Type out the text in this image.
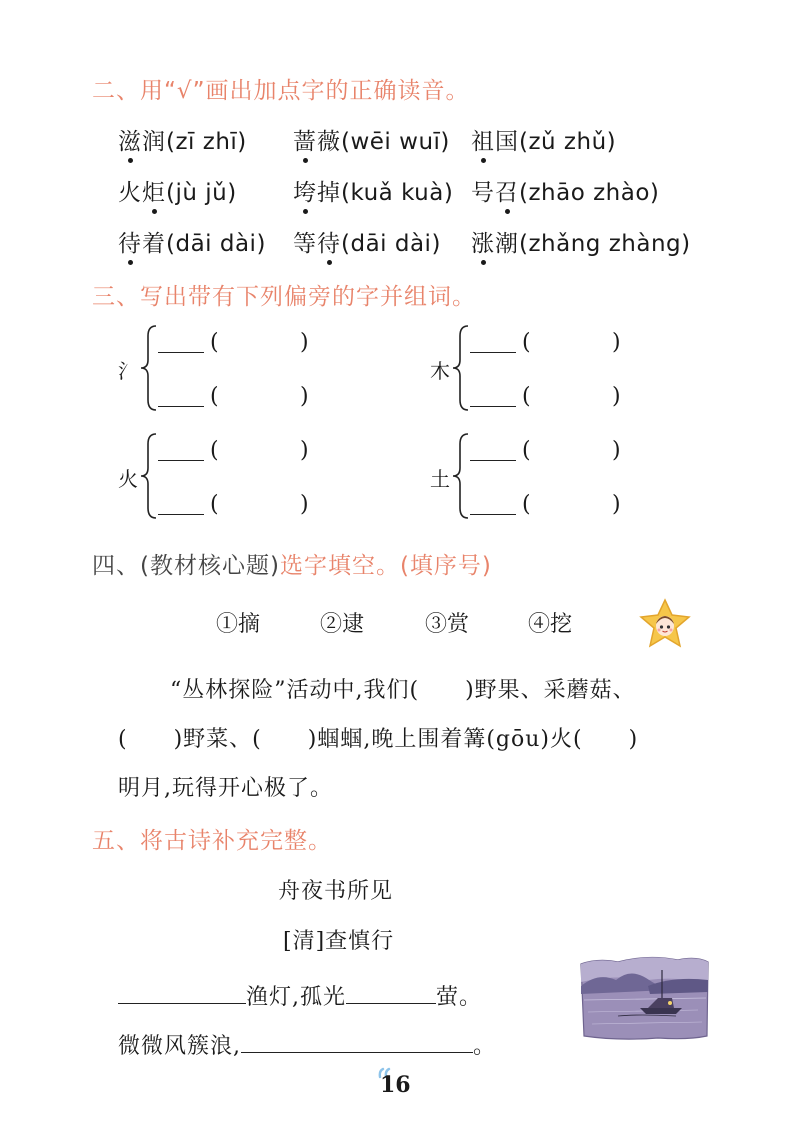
二、用“√”画出加点字的正确读音。
滋润(zī zhī) 蔷薇(wēi wuī) 祖国(zǔ zhǔ)
火炬(jù jǔ) 垮掉(kuǎ kuà) 号召(zhāo zhào)
待着(dāi dài) 等待(dāi dài) 涨潮(zhǎng zhàng)
三、写出带有下列偏旁的字并组词。
氵
(	)
(	)
木
(	)
(	)
火
(	)
(	)
土
(	)
(	)
四、(教材核心题)选字填空。(填序号)
①摘	②逮	③赏	④挖
“丛林探险”活动中,我们(　　)野果、采蘑菇、
(　　)野菜、(　　)蝈蝈,晚上围着篝(gōu)火(　　)
明月,玩得开心极了。
五、将古诗补充完整。
舟夜书所见
[清]查慎行
渔灯,孤光	萤。
微微风簇浪,	。
16
